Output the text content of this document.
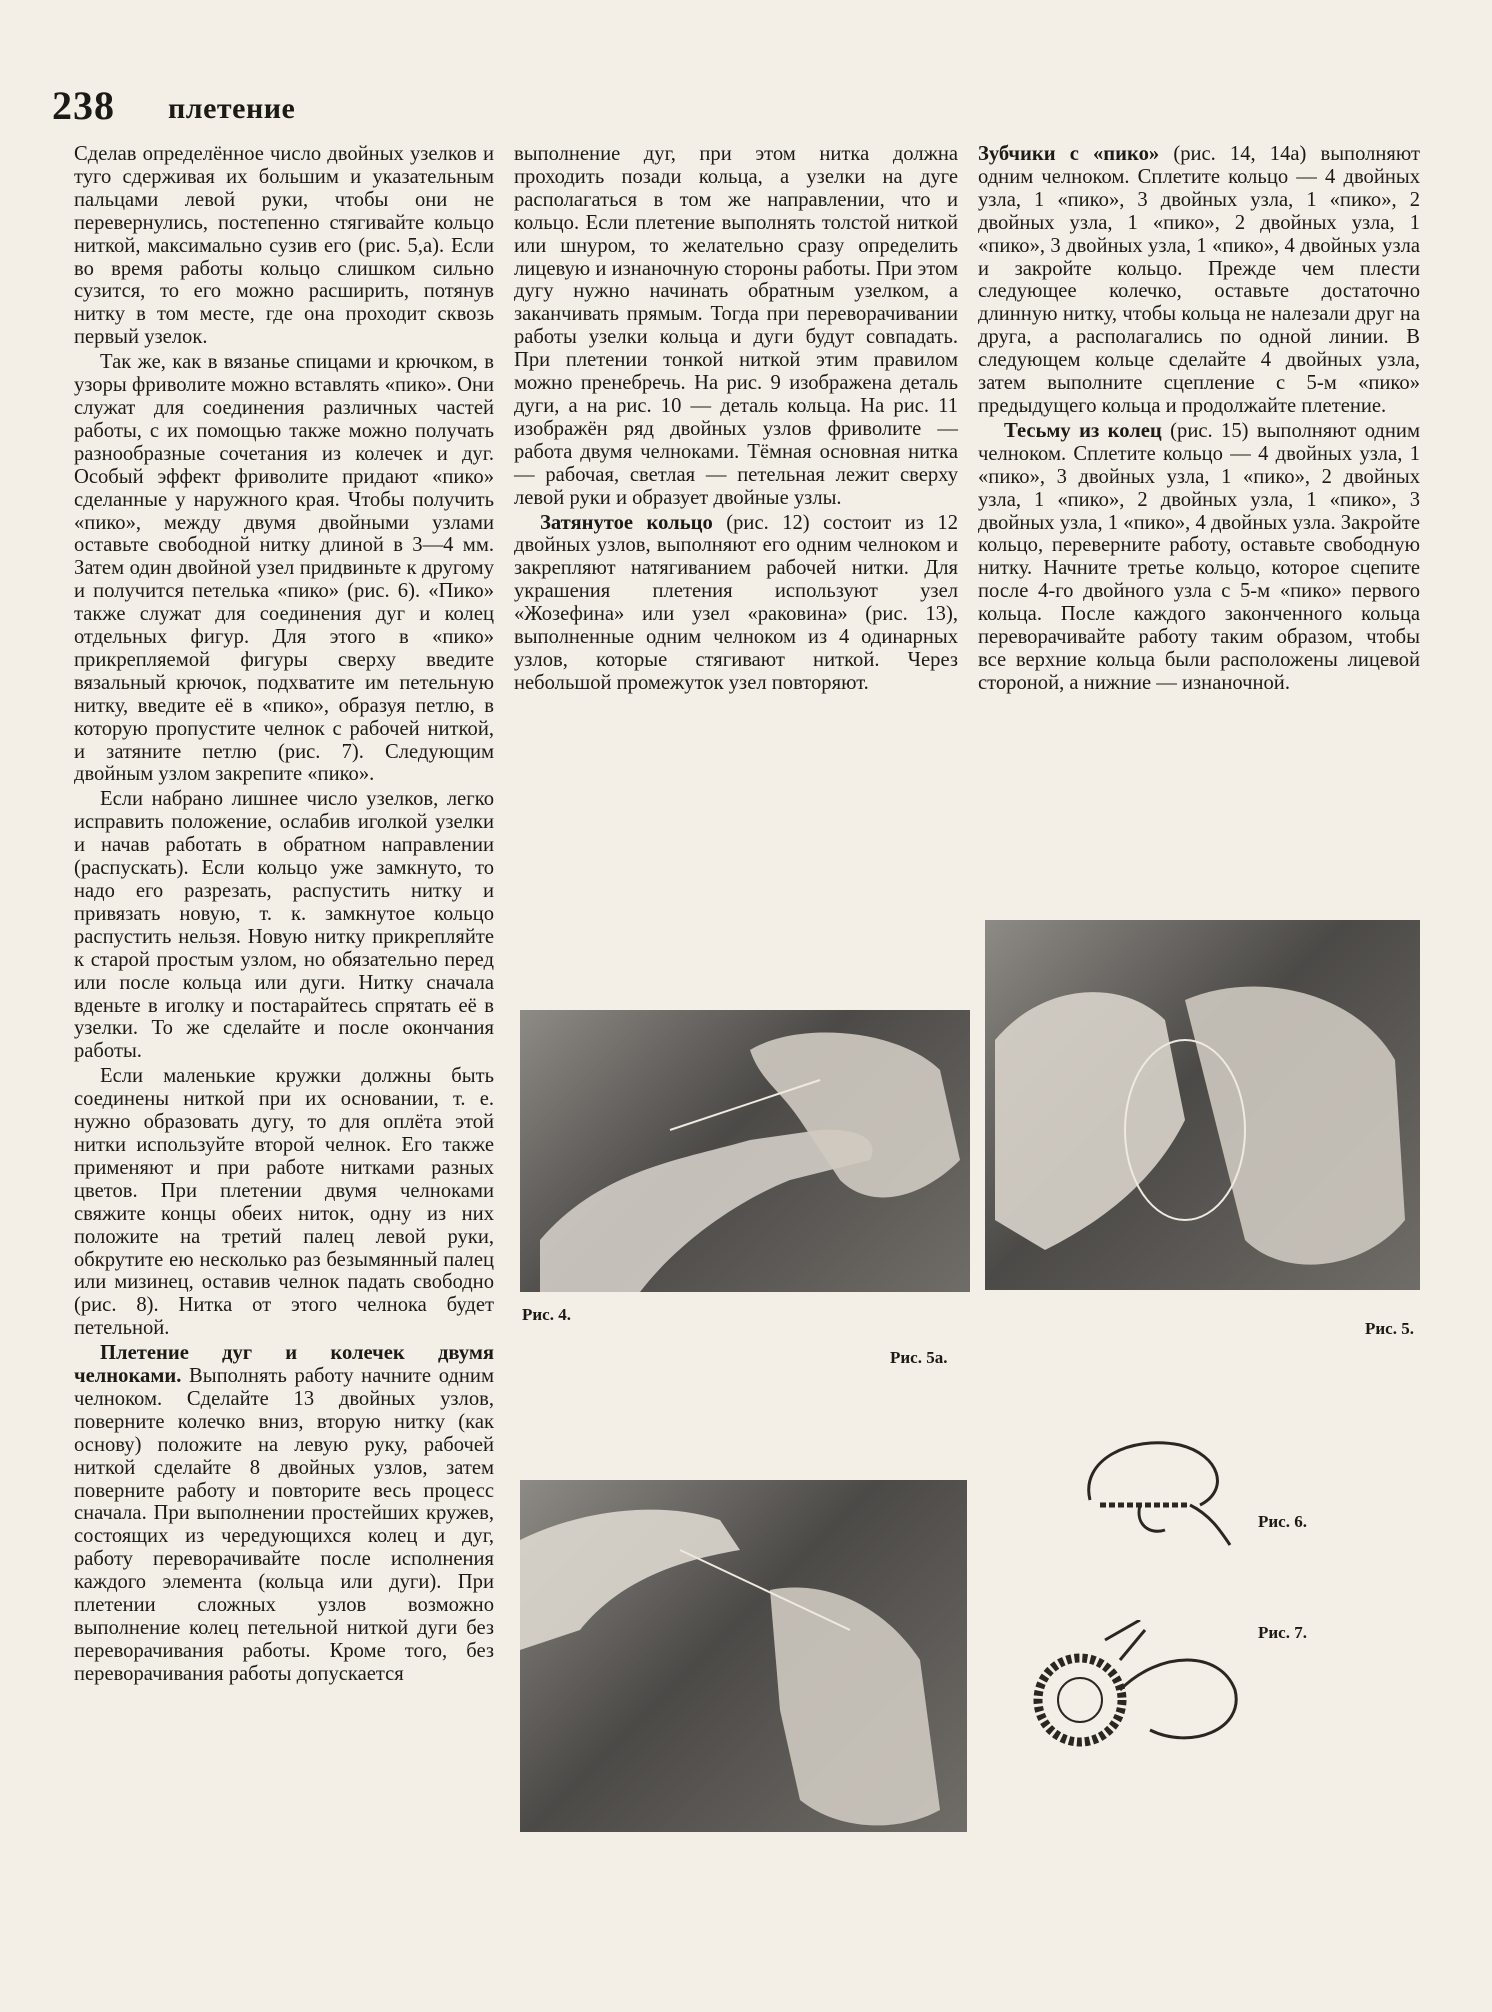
238 плетение

Сделав определённое число двойных узелков и туго сдерживая их большим и указательным пальцами левой руки, чтобы они не перевернулись, постепенно стягивайте кольцо ниткой, максимально сузив его (рис. 5,а). Если во время работы кольцо слишком сильно сузится, то его можно расширить, потянув нитку в том месте, где она проходит сквозь первый узелок.

Так же, как в вязанье спицами и крючком, в узоры фриволите можно вставлять «пико». Они служат для соединения различных частей работы, с их помощью также можно получать разнообразные сочетания из колечек и дуг. Особый эффект фриволите придают «пико» сделанные у наружного края. Чтобы получить «пико», между двумя двойными узлами оставьте свободной нитку длиной в 3—4 мм. Затем один двойной узел придвиньте к другому и получится петелька «пико» (рис. 6). «Пико» также служат для соединения дуг и колец отдельных фигур. Для этого в «пико» прикрепляемой фигуры сверху введите вязальный крючок, подхватите им петельную нитку, введите её в «пико», образуя петлю, в которую пропустите челнок с рабочей ниткой, и затяните петлю (рис. 7). Следующим двойным узлом закрепите «пико».

Если набрано лишнее число узелков, легко исправить положение, ослабив иголкой узелки и начав работать в обратном направлении (распускать). Если кольцо уже замкнуто, то надо его разрезать, распустить нитку и привязать новую, т. к. замкнутое кольцо распустить нельзя. Новую нитку прикрепляйте к старой простым узлом, но обязательно перед или после кольца или дуги. Нитку сначала вденьте в иголку и постарайтесь спрятать её в узелки. То же сделайте и после окончания работы.

Если маленькие кружки должны быть соединены ниткой при их основании, т. е. нужно образовать дугу, то для оплёта этой нитки используйте второй челнок. Его также применяют и при работе нитками разных цветов. При плетении двумя челноками свяжите концы обеих ниток, одну из них положите на третий палец левой руки, обкрутите ею несколько раз безымянный палец или мизинец, оставив челнок падать свободно (рис. 8). Нитка от этого челнока будет петельной.

Плетение дуг и колечек двумя челноками. Выполнять работу начните одним челноком. Сделайте 13 двойных узлов, поверните колечко вниз, вторую нитку (как основу) положите на левую руку, рабочей ниткой сделайте 8 двойных узлов, затем поверните работу и повторите весь процесс сначала. При выполнении простейших кружев, состоящих из чередующихся колец и дуг, работу переворачивайте после исполнения каждого элемента (кольца или дуги). При плетении сложных узлов возможно выполнение колец петельной ниткой дуги без переворачивания работы. Кроме того, без переворачивания работы допускается

выполнение дуг, при этом нитка должна проходить позади кольца, а узелки на дуге располагаться в том же направлении, что и кольцо. Если плетение выполнять толстой ниткой или шнуром, то желательно сразу определить лицевую и изнаночную стороны работы. При этом дугу нужно начинать обратным узелком, а заканчивать прямым. Тогда при переворачивании работы узелки кольца и дуги будут совпадать. При плетении тонкой ниткой этим правилом можно пренебречь. На рис. 9 изображена деталь дуги, а на рис. 10 — деталь кольца. На рис. 11 изображён ряд двойных узлов фриволите — работа двумя челноками. Тёмная основная нитка — рабочая, светлая — петельная лежит сверху левой руки и образует двойные узлы.

Затянутое кольцо (рис. 12) состоит из 12 двойных узлов, выполняют его одним челноком и закрепляют натягиванием рабочей нитки. Для украшения плетения используют узел «Жозефина» или узел «раковина» (рис. 13), выполненные одним челноком из 4 одинарных узлов, которые стягивают ниткой. Через небольшой промежуток узел повторяют.

Зубчики с «пико» (рис. 14, 14а) выполняют одним челноком. Сплетите кольцо — 4 двойных узла, 1 «пико», 3 двойных узла, 1 «пико», 2 двойных узла, 1 «пико», 2 двойных узла, 1 «пико», 3 двойных узла, 1 «пико», 4 двойных узла и закройте кольцо. Прежде чем плести следующее колечко, оставьте достаточно длинную нитку, чтобы кольца не налезали друг на друга, а располагались по одной линии. В следующем кольце сделайте 4 двойных узла, затем выполните сцепление с 5-м «пико» предыдущего кольца и продолжайте плетение.

Тесьму из колец (рис. 15) выполняют одним челноком. Сплетите кольцо — 4 двойных узла, 1 «пико», 3 двойных узла, 1 «пико», 2 двойных узла, 1 «пико», 2 двойных узла, 1 «пико», 3 двойных узла, 1 «пико», 4 двойных узла. Закройте кольцо, переверните работу, оставьте свободную нитку. Начните третье кольцо, которое сцепите после 4-го двойного узла с 5-м «пико» первого кольца. После каждого законченного кольца переворачивайте работу таким образом, чтобы все верхние кольца были расположены лицевой стороной, а нижние — изнаночной.

Рис. 4.
Рис. 5.
Рис. 5а.
Рис. 6.
Рис. 7.
